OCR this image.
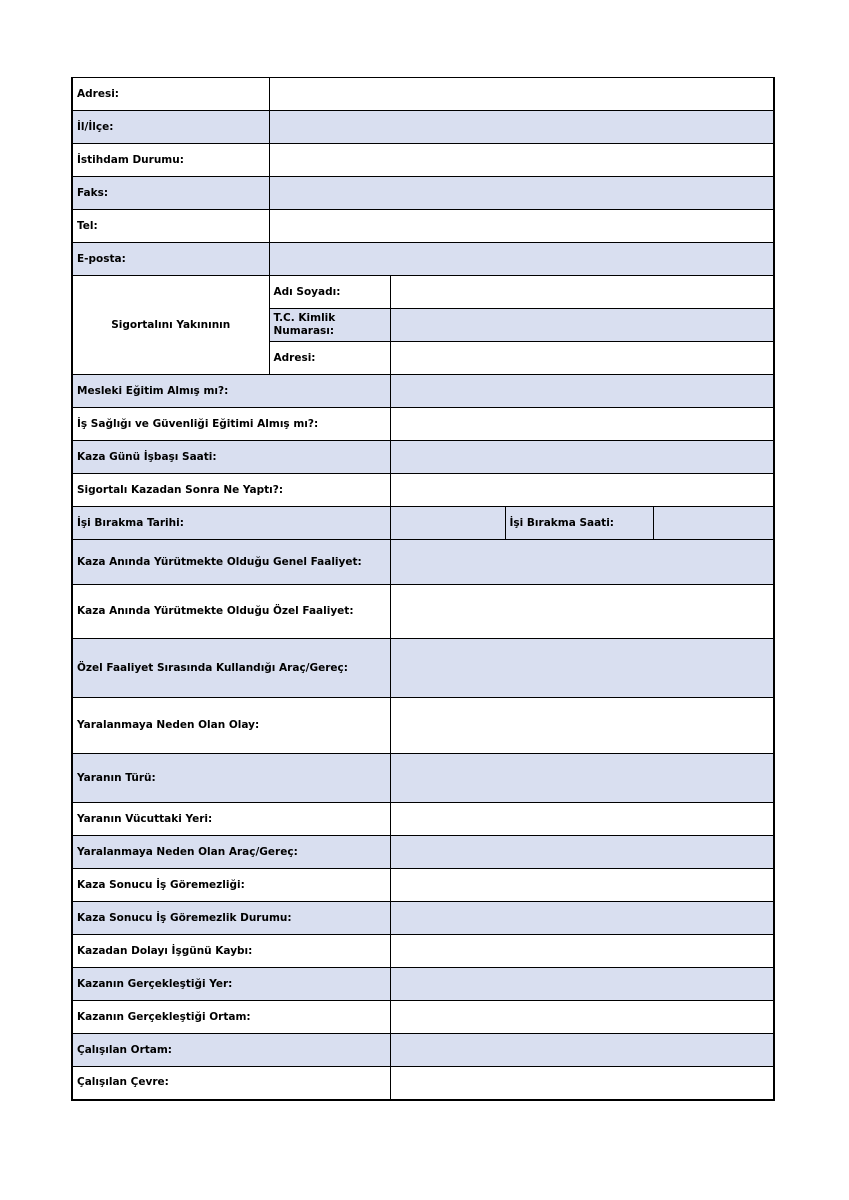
Adresi:				
İl/İlçe:				
İstihdam Durumu:				
Faks:				
Tel:				
E-posta:				
Sigortalını Yakınının	Adı Soyadı:			
	T.C. Kimlik Numarası:			
	Adresi:			
Mesleki Eğitim Almış mı?:				
İş Sağlığı ve Güvenliği Eğitimi Almış mı?:				
Kaza Günü İşbaşı Saati:				
Sigortalı Kazadan Sonra Ne Yaptı?:				
İşi Bırakma Tarihi:			İşi Bırakma Saati:	
Kaza Anında Yürütmekte Olduğu Genel Faaliyet:				
Kaza Anında Yürütmekte Olduğu Özel Faaliyet:				
Özel Faaliyet Sırasında Kullandığı Araç/Gereç:				
Yaralanmaya Neden Olan Olay:				
Yaranın Türü:				
Yaranın Vücuttaki Yeri:				
Yaralanmaya Neden Olan Araç/Gereç:				
Kaza Sonucu İş Göremezliği:				
Kaza Sonucu İş Göremezlik Durumu:				
Kazadan Dolayı İşgünü Kaybı:				
Kazanın Gerçekleştiği Yer:				
Kazanın Gerçekleştiği Ortam:				
Çalışılan Ortam:				
Çalışılan Çevre:				
